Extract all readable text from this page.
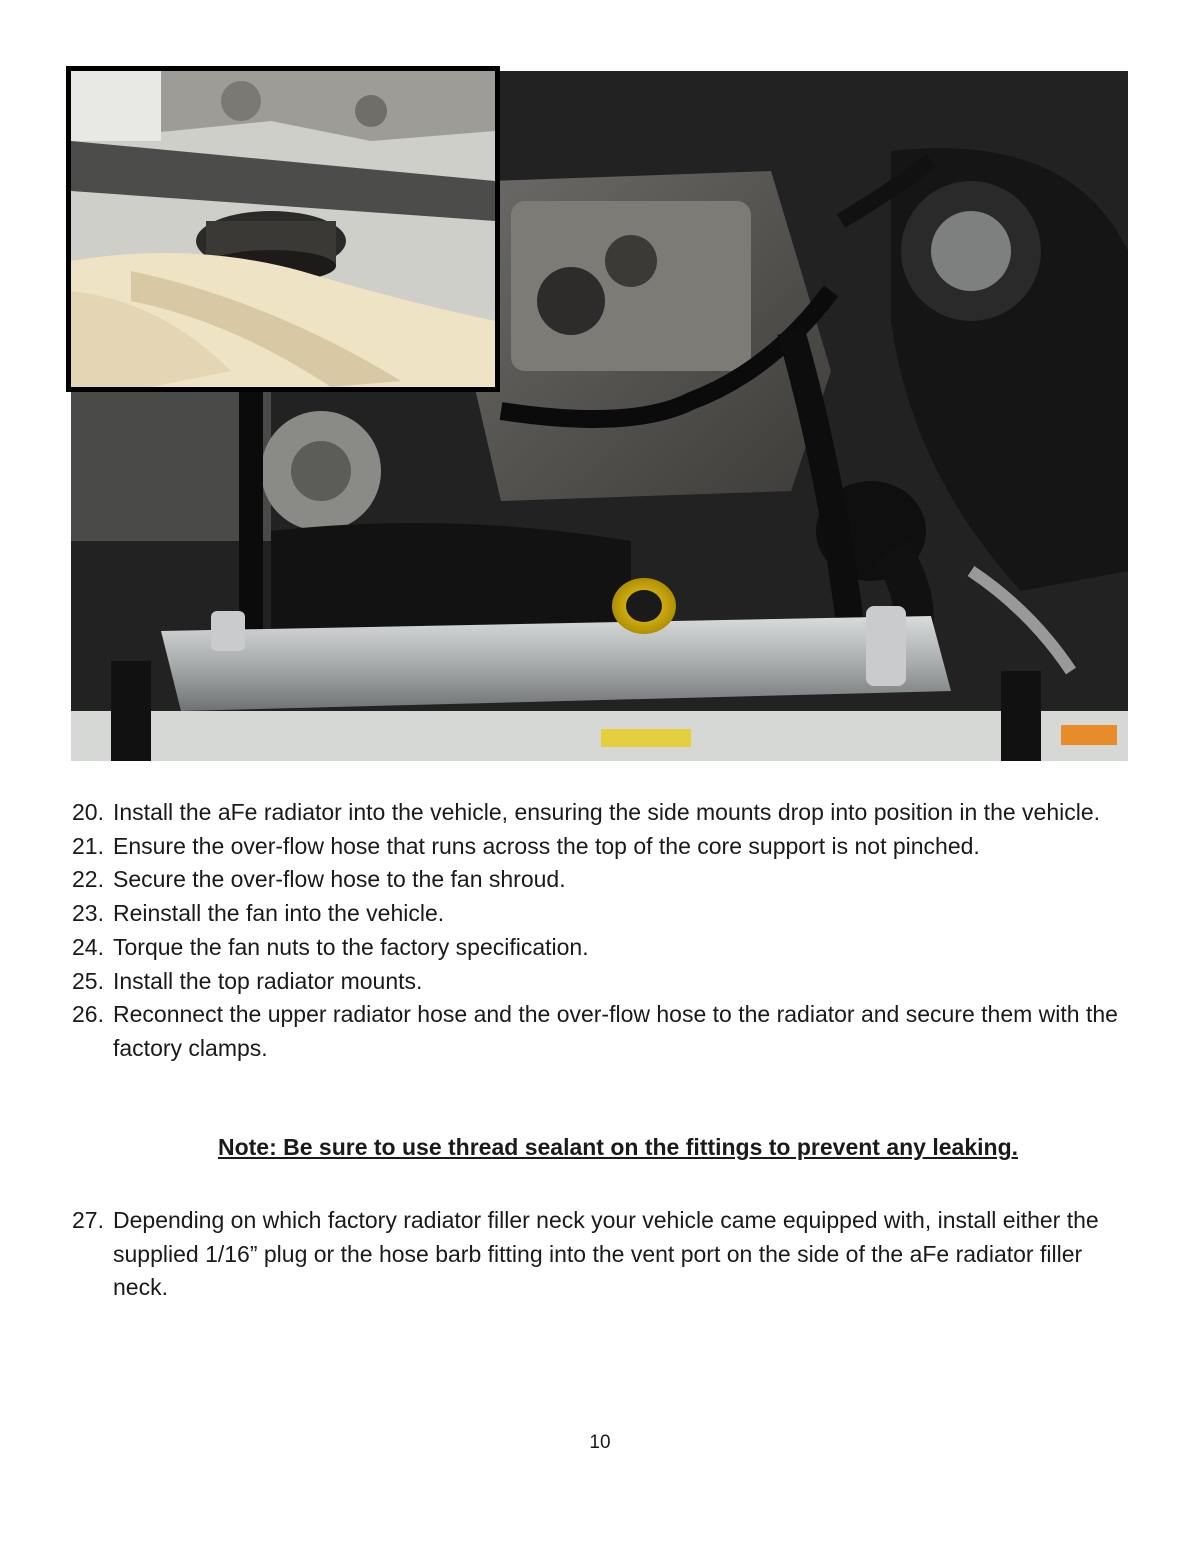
20. Install the aFe radiator into the vehicle, ensuring the side mounts drop into position in the vehicle.
21. Ensure the over-flow hose that runs across the top of the core support is not pinched.
22. Secure the over-flow hose to the fan shroud.
23. Reinstall the fan into the vehicle.
24. Torque the fan nuts to the factory specification.
25. Install the top radiator mounts.
26. Reconnect the upper radiator hose and the over-flow hose to the radiator and secure them with the factory clamps.
Note: Be sure to use thread sealant on the fittings to prevent any leaking.
27. Depending on which factory radiator filler neck your vehicle came equipped with, install either the supplied 1/16” plug or the hose barb fitting into the vent port on the side of the aFe radiator filler neck.
10
